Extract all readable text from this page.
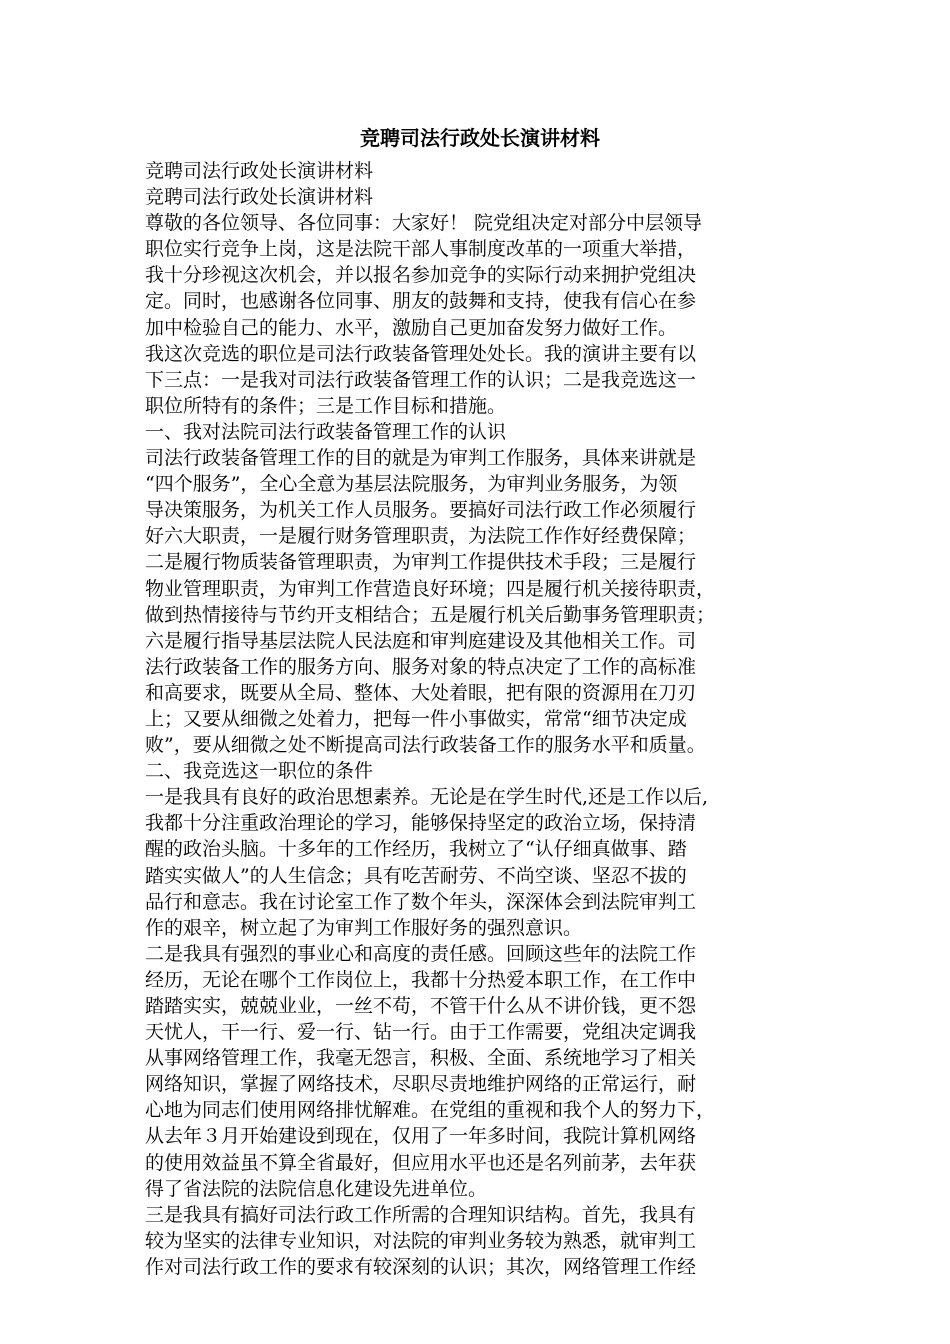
竞聘司法行政处长演讲材料
竞聘司法行政处长演讲材料
竞聘司法行政处长演讲材料
尊敬的各位领导、各位同事：大家好！ 院党组决定对部分中层领导
职位实行竞争上岗，这是法院干部人事制度改革的一项重大举措，
我十分珍视这次机会，并以报名参加竞争的实际行动来拥护党组决
定。同时，也感谢各位同事、朋友的鼓舞和支持，使我有信心在参
加中检验自己的能力、水平，激励自己更加奋发努力做好工作。
我这次竞选的职位是司法行政装备管理处处长。我的演讲主要有以
下三点：一是我对司法行政装备管理工作的认识；二是我竞选这一
职位所特有的条件；三是工作目标和措施。
一、我对法院司法行政装备管理工作的认识
司法行政装备管理工作的目的就是为审判工作服务，具体来讲就是
“四个服务”，全心全意为基层法院服务，为审判业务服务，为领
导决策服务，为机关工作人员服务。要搞好司法行政工作必须履行
好六大职责，一是履行财务管理职责，为法院工作作好经费保障；
二是履行物质装备管理职责，为审判工作提供技术手段；三是履行
物业管理职责，为审判工作营造良好环境；四是履行机关接待职责，
做到热情接待与节约开支相结合；五是履行机关后勤事务管理职责；
六是履行指导基层法院人民法庭和审判庭建设及其他相关工作。司
法行政装备工作的服务方向、服务对象的特点决定了工作的高标准
和高要求，既要从全局、整体、大处着眼，把有限的资源用在刀刃
上；又要从细微之处着力，把每一件小事做实，常常“细节决定成
败”，要从细微之处不断提高司法行政装备工作的服务水平和质量。
二、我竞选这一职位的条件
一是我具有良好的政治思想素养。无论是在学生时代,还是工作以后,
我都十分注重政治理论的学习，能够保持坚定的政治立场，保持清
醒的政治头脑。十多年的工作经历，我树立了“认仔细真做事、踏
踏实实做人”的人生信念；具有吃苦耐劳、不尚空谈、坚忍不拔的
品行和意志。我在讨论室工作了数个年头，深深体会到法院审判工
作的艰辛，树立起了为审判工作服好务的强烈意识。
二是我具有强烈的事业心和高度的责任感。回顾这些年的法院工作
经历，无论在哪个工作岗位上，我都十分热爱本职工作，在工作中
踏踏实实，兢兢业业，一丝不苟，不管干什么从不讲价钱，更不怨
天忧人，干一行、爱一行、钻一行。由于工作需要，党组决定调我
从事网络管理工作，我毫无怨言，积极、全面、系统地学习了相关
网络知识，掌握了网络技术，尽职尽责地维护网络的正常运行，耐
心地为同志们使用网络排忧解难。在党组的重视和我个人的努力下，
从去年３月开始建设到现在，仅用了一年多时间，我院计算机网络
的使用效益虽不算全省最好，但应用水平也还是名列前茅，去年获
得了省法院的法院信息化建设先进单位。
三是我具有搞好司法行政工作所需的合理知识结构。首先，我具有
较为坚实的法律专业知识，对法院的审判业务较为熟悉，就审判工
作对司法行政工作的要求有较深刻的认识；其次，网络管理工作经
